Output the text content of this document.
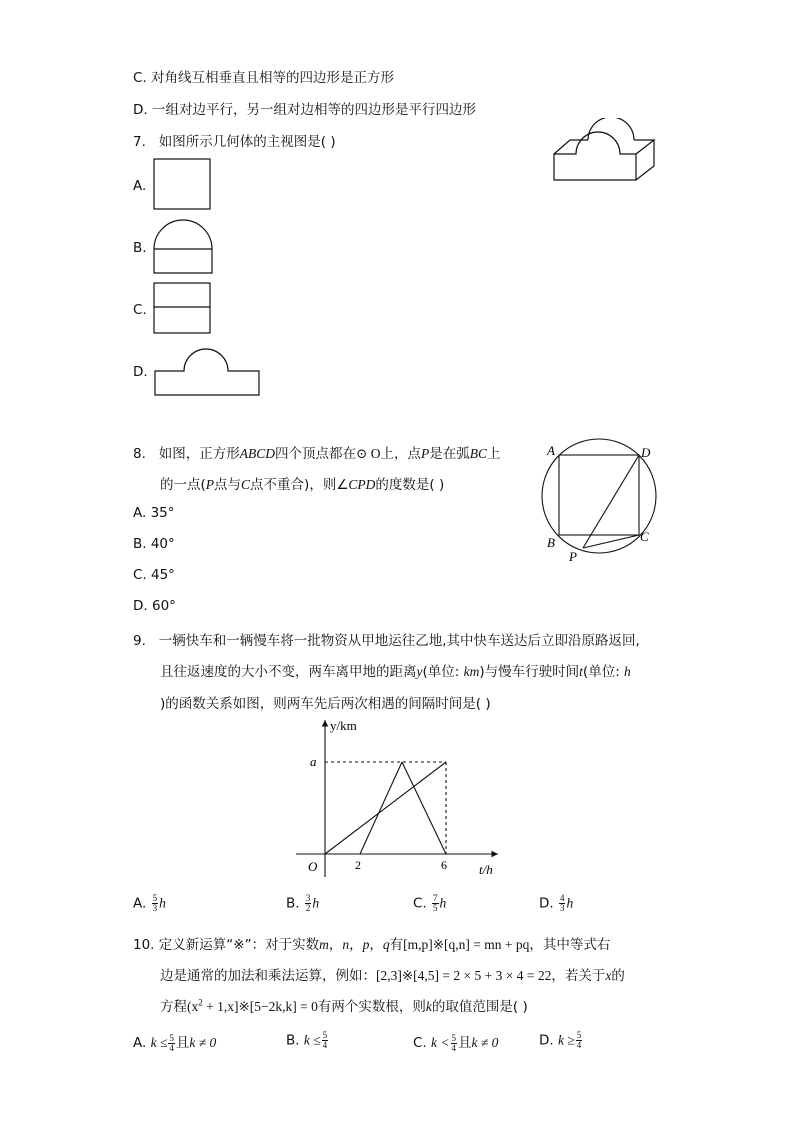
C. 对角线互相垂直且相等的四边形是正方形
D. 一组对边平行，另一组对边相等的四边形是平行四边形
7. 如图所示几何体的主视图是( )
A.
B.
C.
D.
8. 如图，正方形ABCD四个顶点都在⊙ O上，点P是在弧BC上
的一点(P点与C点不重合)，则∠CPD的度数是( )
A. 35°
B. 40°
C. 45°
D. 60°
A	D
B	C
P
9. 一辆快车和一辆慢车将一批物资从甲地运往乙地,其中快车送达后立即沿原路返回,
且往返速度的大小不变，两车离甲地的距离y(单位: km)与慢车行驶时间t(单位: h
)的函数关系如图，则两车先后两次相遇的间隔时间是( )
y/km
t/h
O
a
2	6
A. $\frac{5}{3}$ h	B. $\frac{3}{2}$ h	C. $\frac{7}{5}$ h	D. $\frac{4}{3}$ h
10. 定义新运算“※”：对于实数m，n，p，q有[m,p]※[q,n] = mn + pq，其中等式右
边是通常的加法和乘法运算，例如：[2,3]※[4,5] = 2 × 5 + 3 × 4 = 22，若关于x的
方程($x^2$ + 1,x]※[5−2k,k] = 0有两个实数根，则k的取值范围是( )
A. $k \le \frac{5}{4}$ 且k ≠ 0	B. $k \le \frac{5}{4}$	C. $k < \frac{5}{4}$ 且k ≠ 0	D. $k \ge \frac{5}{4}$
